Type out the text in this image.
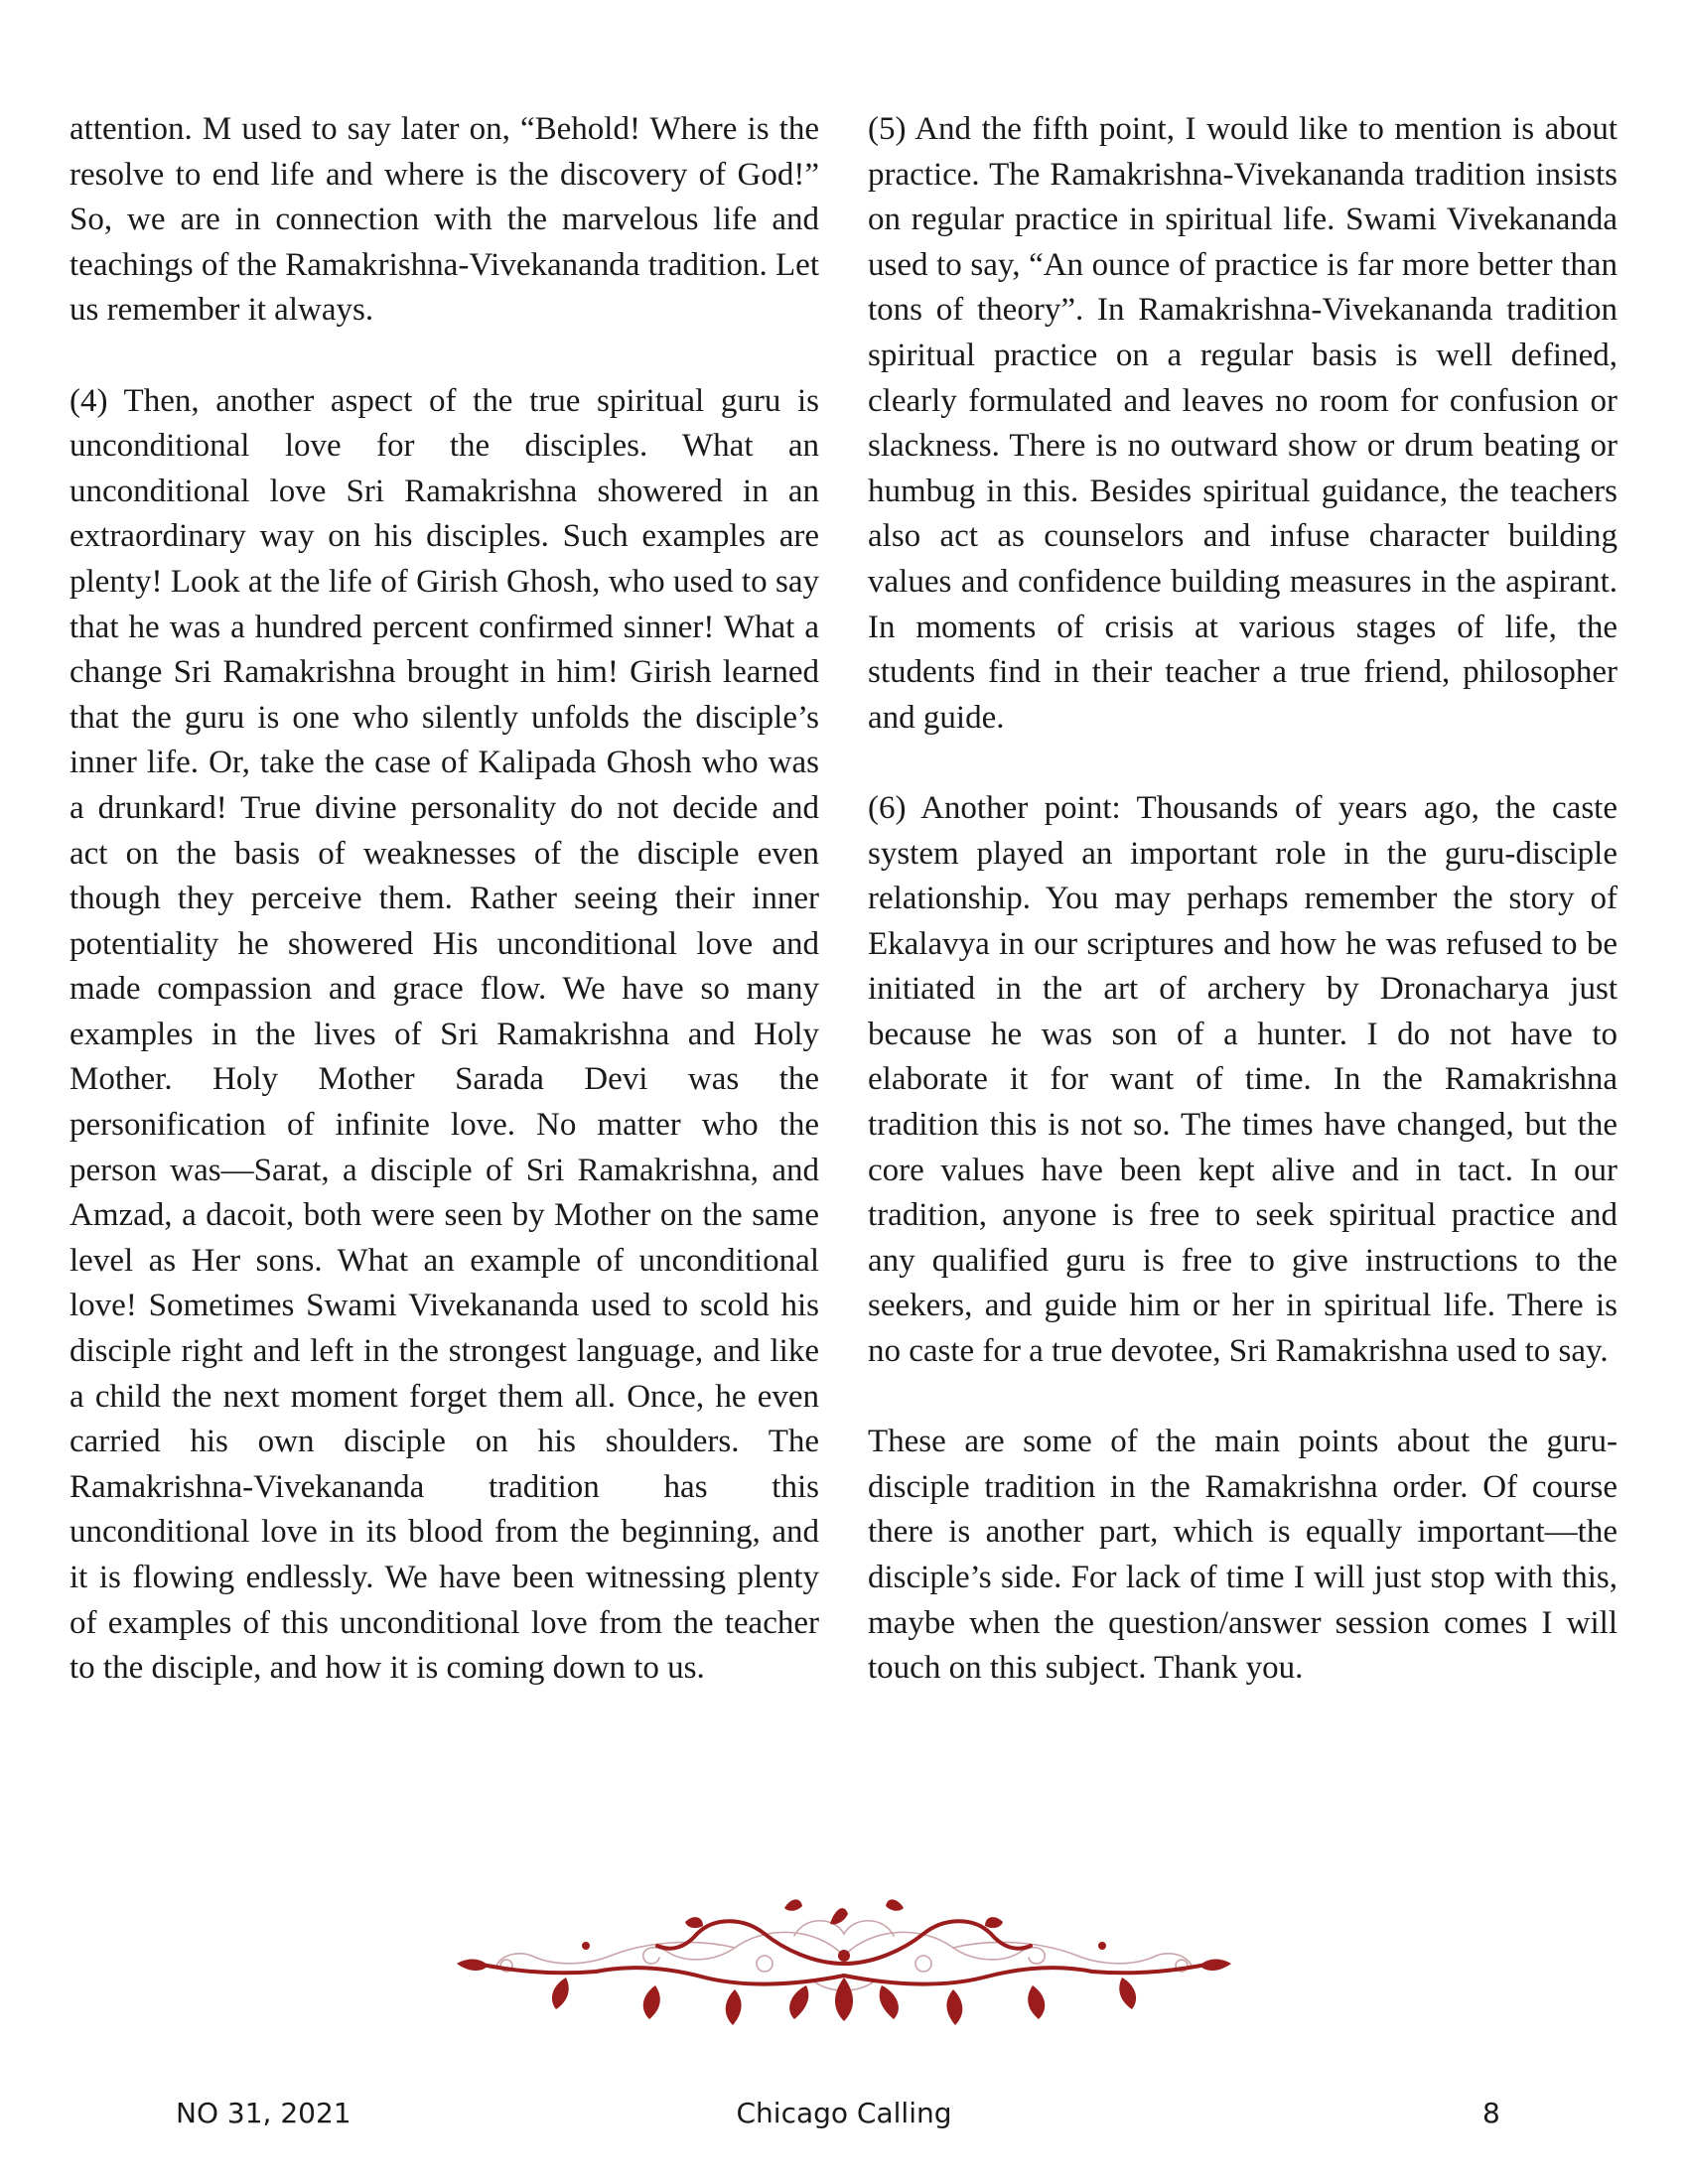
attention. M used to say later on, “Behold! Where is the resolve to end life and where is the discovery of God!” So, we are in connection with the marvelous life and teachings of the Ramakrishna-Vivekananda tradition. Let us remember it always.

(4) Then, another aspect of the true spiritual guru is unconditional love for the disciples. What an unconditional love Sri Ramakrishna showered in an extraordinary way on his disciples. Such examples are plenty! Look at the life of Girish Ghosh, who used to say that he was a hundred percent confirmed sinner! What a change Sri Ramakrishna brought in him! Girish learned that the guru is one who silently unfolds the disciple’s inner life. Or, take the case of Kalipada Ghosh who was a drunkard! True divine personality do not decide and act on the basis of weaknesses of the disciple even though they perceive them. Rather seeing their inner potentiality he showered His unconditional love and made compassion and grace flow. We have so many examples in the lives of Sri Ramakrishna and Holy Mother. Holy Mother Sarada Devi was the personification of infinite love. No matter who the person was—Sarat, a disciple of Sri Ramakrishna, and Amzad, a dacoit, both were seen by Mother on the same level as Her sons. What an example of unconditional love! Sometimes Swami Vivekananda used to scold his disciple right and left in the strongest language, and like a child the next moment forget them all. Once, he even carried his own disciple on his shoulders. The Ramakrishna-Vivekananda tradition has this unconditional love in its blood from the beginning, and it is flowing endlessly. We have been witnessing plenty of examples of this unconditional love from the teacher to the disciple, and how it is coming down to us.

(5) And the fifth point, I would like to mention is about practice. The Ramakrishna-Vivekananda tradition insists on regular practice in spiritual life. Swami Vivekananda used to say, “An ounce of practice is far more better than tons of theory”. In Ramakrishna-Vivekananda tradition spiritual practice on a regular basis is well defined, clearly formulated and leaves no room for confusion or slackness. There is no outward show or drum beating or humbug in this. Besides spiritual guidance, the teachers also act as counselors and infuse character building values and confidence building measures in the aspirant. In moments of crisis at various stages of life, the students find in their teacher a true friend, philosopher and guide.

(6) Another point: Thousands of years ago, the caste system played an important role in the guru-disciple relationship. You may perhaps remember the story of Ekalavya in our scriptures and how he was refused to be initiated in the art of archery by Dronacharya just because he was son of a hunter. I do not have to elaborate it for want of time. In the Ramakrishna tradition this is not so. The times have changed, but the core values have been kept alive and in tact. In our tradition, anyone is free to seek spiritual practice and any qualified guru is free to give instructions to the seekers, and guide him or her in spiritual life. There is no caste for a true devotee, Sri Ramakrishna used to say.

These are some of the main points about the guru-disciple tradition in the Ramakrishna order. Of course there is another part, which is equally important—the disciple’s side. For lack of time I will just stop with this, maybe when the question/answer session comes I will touch on this subject. Thank you.

NO 31, 2021	Chicago Calling	8
